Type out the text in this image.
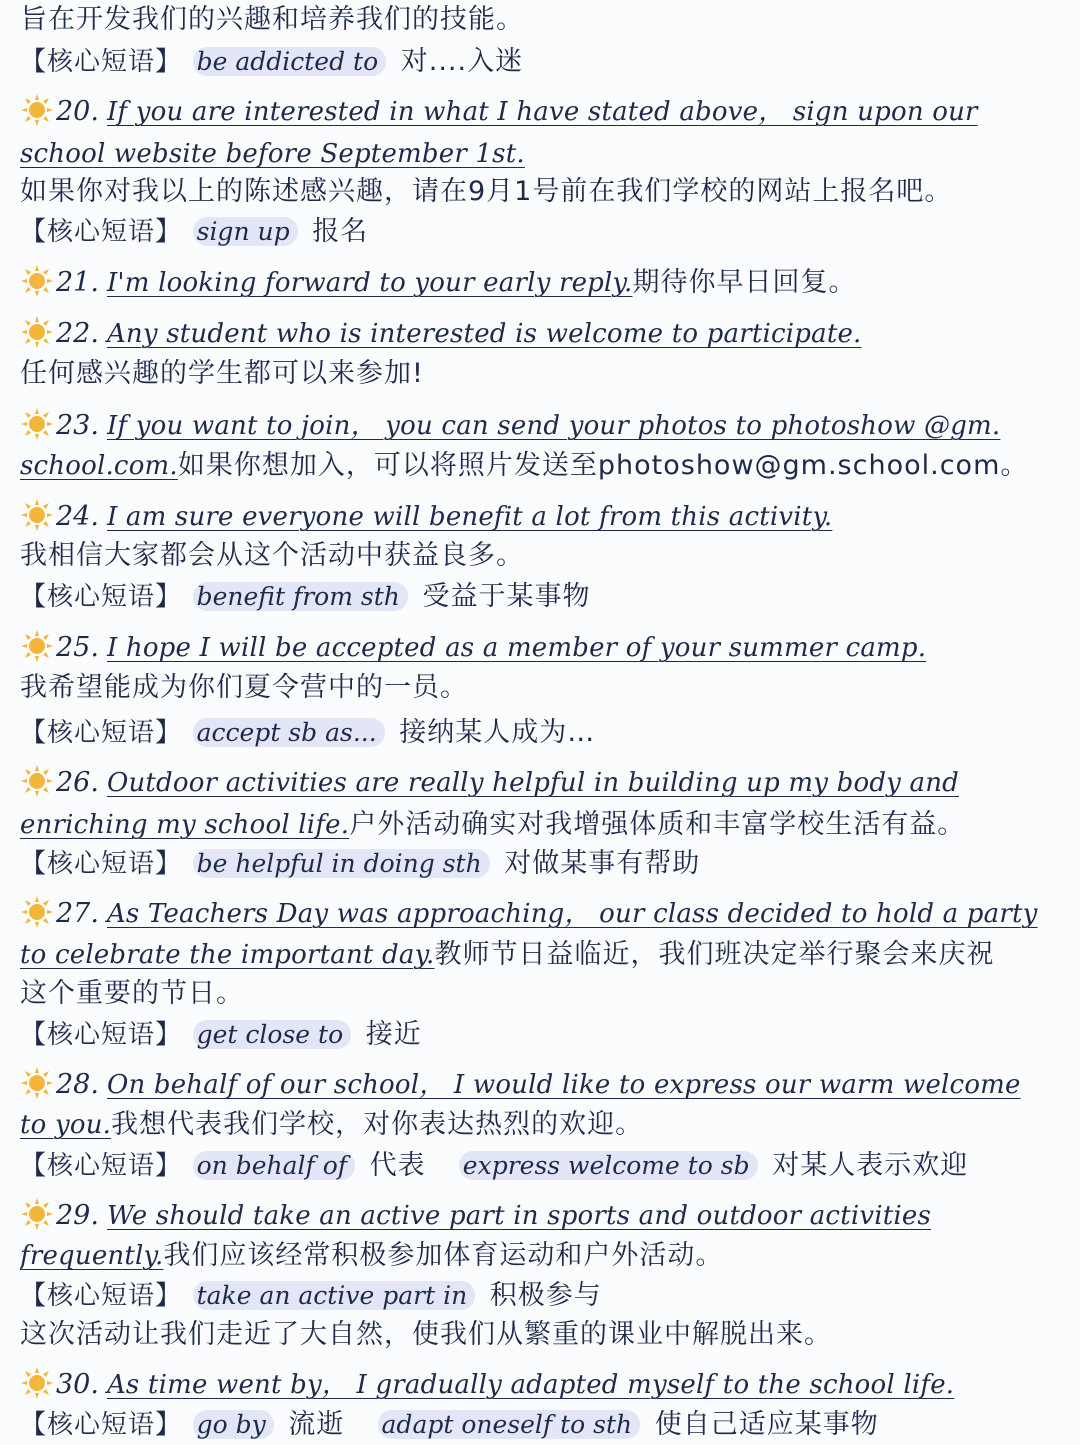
旨在开发我们的兴趣和培养我们的技能。
【核心短语】 be addicted to 对....入迷
20. If you are interested in what I have stated above， sign upon our
school website before September 1st.
如果你对我以上的陈述感兴趣，请在9月1号前在我们学校的网站上报名吧。
【核心短语】 sign up 报名
21. I'm looking forward to your early reply.期待你早日回复。
22. Any student who is interested is welcome to participate.
任何感兴趣的学生都可以来参加!
23. If you want to join， you can send your photos to photoshow @gm.
school.com.如果你想加入，可以将照片发送至photoshow@gm.school.com。
24. I am sure everyone will benefit a lot from this activity.
我相信大家都会从这个活动中获益良多。
【核心短语】 benefit from sth 受益于某事物
25. I hope I will be accepted as a member of your summer camp.
我希望能成为你们夏令营中的一员。
【核心短语】 accept sb as... 接纳某人成为…
26. Outdoor activities are really helpful in building up my body and
enriching my school life.户外活动确实对我增强体质和丰富学校生活有益。
【核心短语】 be helpful in doing sth 对做某事有帮助
27. As Teachers Day was approaching， our class decided to hold a party
to celebrate the important day.教师节日益临近，我们班决定举行聚会来庆祝
这个重要的节日。
【核心短语】 get close to 接近
28. On behalf of our school， I would like to express our warm welcome
to you.我想代表我们学校，对你表达热烈的欢迎。
【核心短语】 on behalf of 代表 express welcome to sb 对某人表示欢迎
29. We should take an active part in sports and outdoor activities
frequently.我们应该经常积极参加体育运动和户外活动。
【核心短语】 take an active part in 积极参与
这次活动让我们走近了大自然，使我们从繁重的课业中解脱出来。
30. As time went by， I gradually adapted myself to the school life.
【核心短语】 go by 流逝 adapt oneself to sth 使自己适应某事物
